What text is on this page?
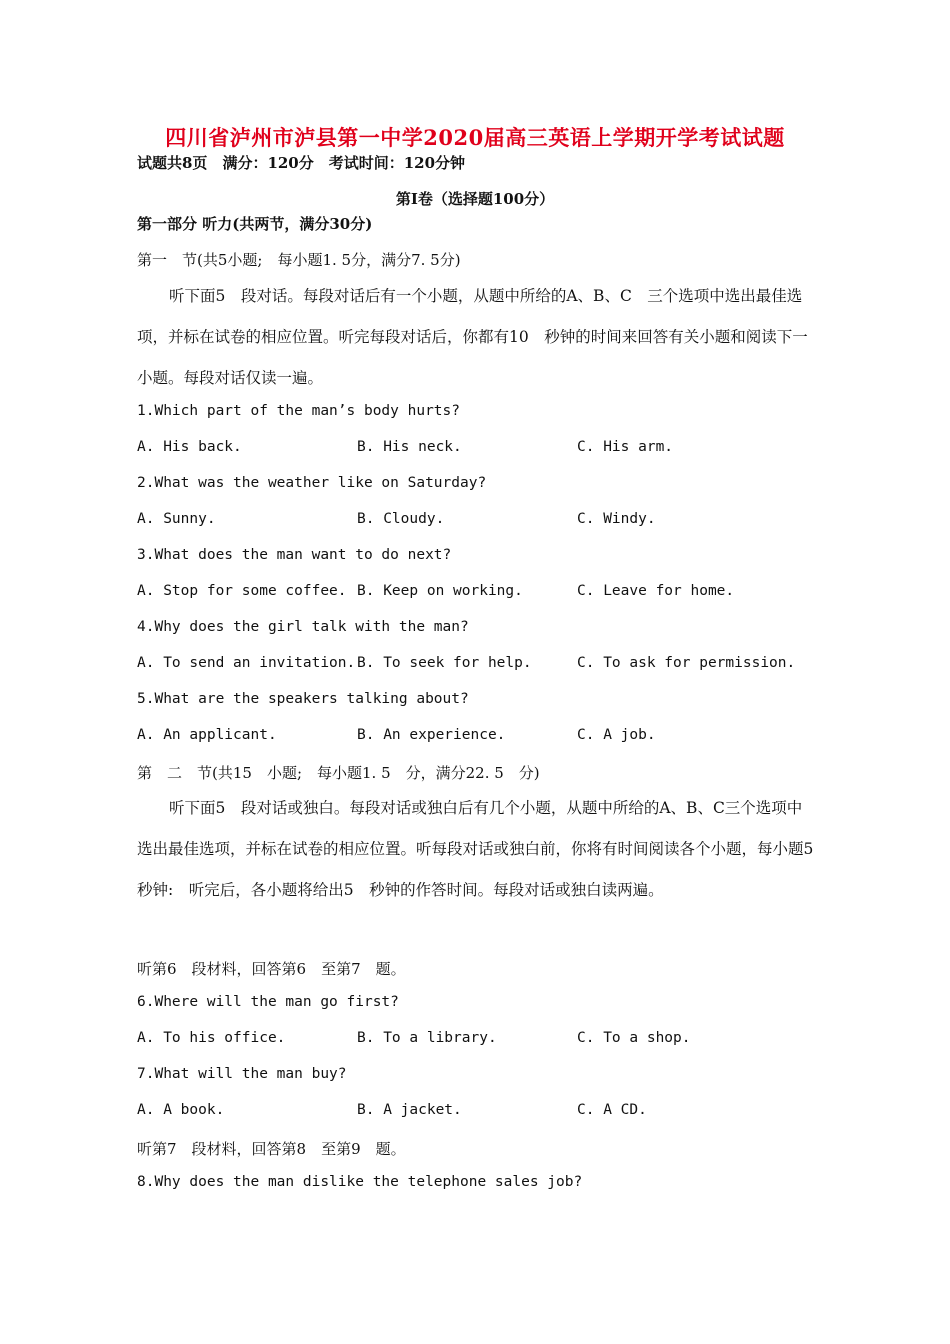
四川省泸州市泸县第一中学2020届高三英语上学期开学考试试题
试题共8页　满分：120分　考试时间：120分钟
第Ⅰ卷（选择题100分）
第一部分 听力(共两节，满分30分)
第一　节(共5小题;　每小题1. 5分，满分7. 5分)
听下面5　段对话。每段对话后有一个小题，从题中所给的A、B、C　三个选项中选出最佳选项，并标在试卷的相应位置。听完每段对话后，你都有10　秒钟的时间来回答有关小题和阅读下一小题。每段对话仅读一遍。
1.Which part of the man’s body hurts?
A. His back.	B. His neck.	C. His arm.
2.What was the weather like on Saturday?
A. Sunny.	B. Cloudy.	C. Windy.
3.What does the man want to do next?
A. Stop for some coffee. B. Keep on working.	C. Leave for home.
4.Why does the girl talk with the man?
A. To send an invitation. B. To seek for help.	C. To ask for permission.
5.What are the speakers talking about?
A. An applicant.	B. An experience.	C. A job.
第　二　节(共15　小题;　每小题1. 5　分，满分22. 5　分)
听下面5　段对话或独白。每段对话或独白后有几个小题，从题中所给的A、B、C三个选项中选出最佳选项，并标在试卷的相应位置。听每段对话或独白前，你将有时间阅读各个小题，每小题5　秒钟:　听完后，各小题将给出5　秒钟的作答时间。每段对话或独白读两遍。
听第6　段材料，回答第6　至第7　题。
6.Where will the man go first?
A. To his office.	B. To a library.	C. To a shop.
7.What will the man buy?
A. A book.	B. A jacket.	C. A CD.
听第7　段材料，回答第8　至第9　题。
8.Why does the man dislike the telephone sales job?
